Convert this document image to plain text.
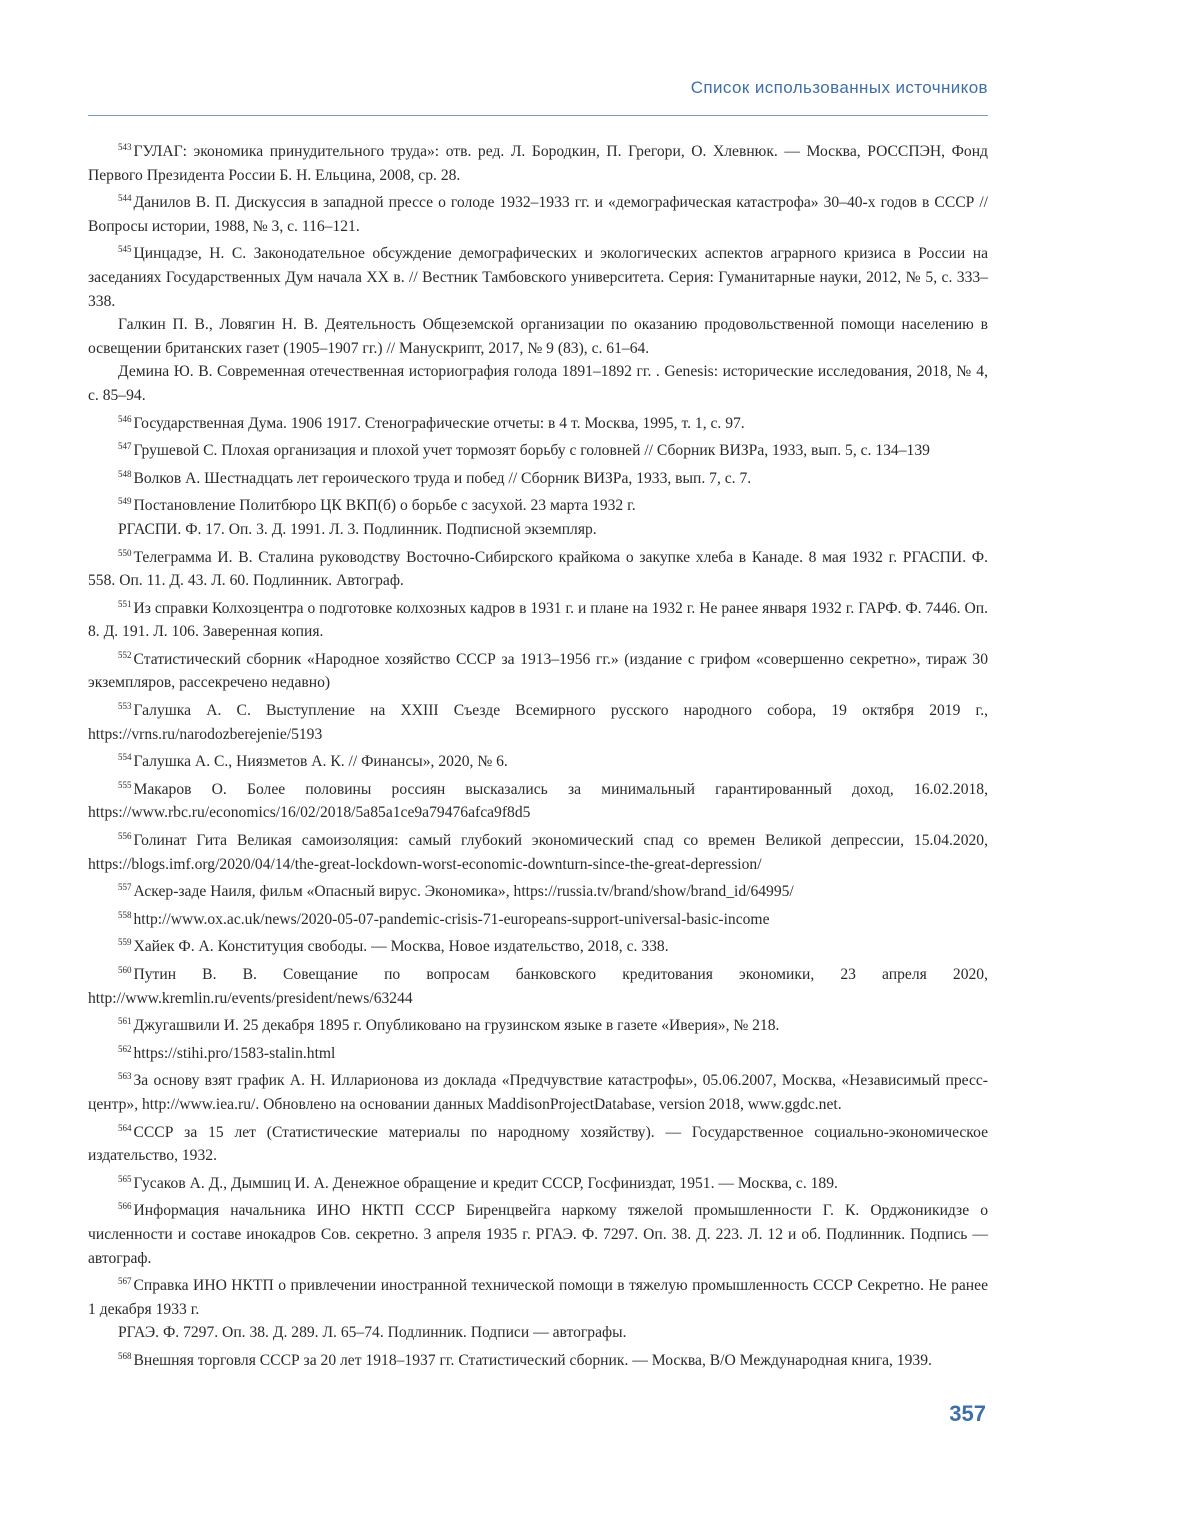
Список использованных источников

$^{543}$ ГУЛАГ: экономика принудительного труда»: отв. ред. Л. Бородкин, П. Грегори, О. Хлевнюк. — Москва, РОССПЭН, Фонд Первого Президента России Б. Н. Ельцина, 2008, ср. 28.

$^{544}$ Данилов В. П. Дискуссия в западной прессе о голоде 1932–1933 гг. и «демографическая катастрофа» 30–40-х годов в СССР // Вопросы истории, 1988, № 3, с. 116–121.

$^{545}$ Цинцадзе, Н. С. Законодательное обсуждение демографических и экологических аспектов аграрного кризиса в России на заседаниях Государственных Дум начала ХХ в. // Вестник Тамбовского университета. Серия: Гуманитарные науки, 2012, № 5, с. 333–338.

Галкин П. В., Ловягин Н. В. Деятельность Общеземской организации по оказанию продовольственной помощи населению в освещении британских газет (1905–1907 гг.) // Манускрипт, 2017, № 9 (83), с. 61–64.

Демина Ю. В. Современная отечественная историография голода 1891–1892 гг. . Genesis: исторические исследования, 2018, № 4, с. 85–94.

$^{546}$ Государственная Дума. 1906 1917. Стенографические отчеты: в 4 т. Москва, 1995, т. 1, с. 97.

$^{547}$ Грушевой С. Плохая организация и плохой учет тормозят борьбу с головней // Сборник ВИЗРа, 1933, вып. 5, с. 134–139

$^{548}$ Волков А. Шестнадцать лет героического труда и побед // Сборник ВИЗРа, 1933, вып. 7, с. 7.

$^{549}$ Постановление Политбюро ЦК ВКП(б) о борьбе с засухой. 23 марта 1932 г.

РГАСПИ. Ф. 17. Оп. 3. Д. 1991. Л. 3. Подлинник. Подписной экземпляр.

$^{550}$ Телеграмма И. В. Сталина руководству Восточно-Сибирского крайкома о закупке хлеба в Канаде. 8 мая 1932 г. РГАСПИ. Ф. 558. Оп. 11. Д. 43. Л. 60. Подлинник. Автограф.

$^{551}$ Из справки Колхозцентра о подготовке колхозных кадров в 1931 г. и плане на 1932 г. Не ранее января 1932 г. ГАРФ. Ф. 7446. Оп. 8. Д. 191. Л. 106. Заверенная копия.

$^{552}$ Статистический сборник «Народное хозяйство СССР за 1913–1956 гг.» (издание с грифом «совершенно секретно», тираж 30 экземпляров, рассекречено недавно)

$^{553}$ Галушка А. С. Выступление на XXIII Съезде Всемирного русского народного собора, 19 октября 2019 г., https://vrns.ru/narodozberejenie/5193

$^{554}$ Галушка А. С., Ниязметов А. К. // Финансы», 2020, № 6.

$^{555}$ Макаров О. Более половины россиян высказались за минимальный гарантированный доход, 16.02.2018, https://www.rbc.ru/economics/16/02/2018/5a85a1ce9a79476afca9f8d5

$^{556}$ Голинат Гита Великая самоизоляция: самый глубокий экономический спад со времен Великой депрессии, 15.04.2020, https://blogs.imf.org/2020/04/14/the-great-lockdown-worst-economic-downturn-since-the-great-depression/

$^{557}$ Аскер-заде Наиля, фильм «Опасный вирус. Экономика», https://russia.tv/brand/show/brand_id/64995/

$^{558}$ http://www.ox.ac.uk/news/2020-05-07-pandemic-crisis-71-europeans-support-universal-basic-income

$^{559}$ Хайек Ф. А. Конституция свободы. — Москва, Новое издательство, 2018, с. 338.

$^{560}$ Путин В. В. Совещание по вопросам банковского кредитования экономики, 23 апреля 2020, http://www.kremlin.ru/events/president/news/63244

$^{561}$ Джугашвили И. 25 декабря 1895 г. Опубликовано на грузинском языке в газете «Иверия», № 218.

$^{562}$ https://stihi.pro/1583-stalin.html

$^{563}$ За основу взят график А. Н. Илларионова из доклада «Предчувствие катастрофы», 05.06.2007, Москва, «Независимый пресс-центр», http://www.iea.ru/. Обновлено на основании данных MaddisonProjectDatabase, version 2018, www.ggdc.net.

$^{564}$ СССР за 15 лет (Статистические материалы по народному хозяйству). — Государственное социально-экономическое издательство, 1932.

$^{565}$ Гусаков А. Д., Дымшиц И. А. Денежное обращение и кредит СССР, Госфиниздат, 1951. — Москва, с. 189.

$^{566}$ Информация начальника ИНО НКТП СССР Биренцвейга наркому тяжелой промышленности Г. К. Орджоникидзе о численности и составе инокадров Сов. секретно. 3 апреля 1935 г. РГАЭ. Ф. 7297. Оп. 38. Д. 223. Л. 12 и об. Подлинник. Подпись — автограф.

$^{567}$ Справка ИНО НКТП о привлечении иностранной технической помощи в тяжелую промышленность СССР Секретно. Не ранее 1 декабря 1933 г.

РГАЭ. Ф. 7297. Оп. 38. Д. 289. Л. 65–74. Подлинник. Подписи — автографы.

$^{568}$ Внешняя торговля СССР за 20 лет 1918–1937 гг. Статистический сборник. — Москва, В/О Международная книга, 1939.

357
